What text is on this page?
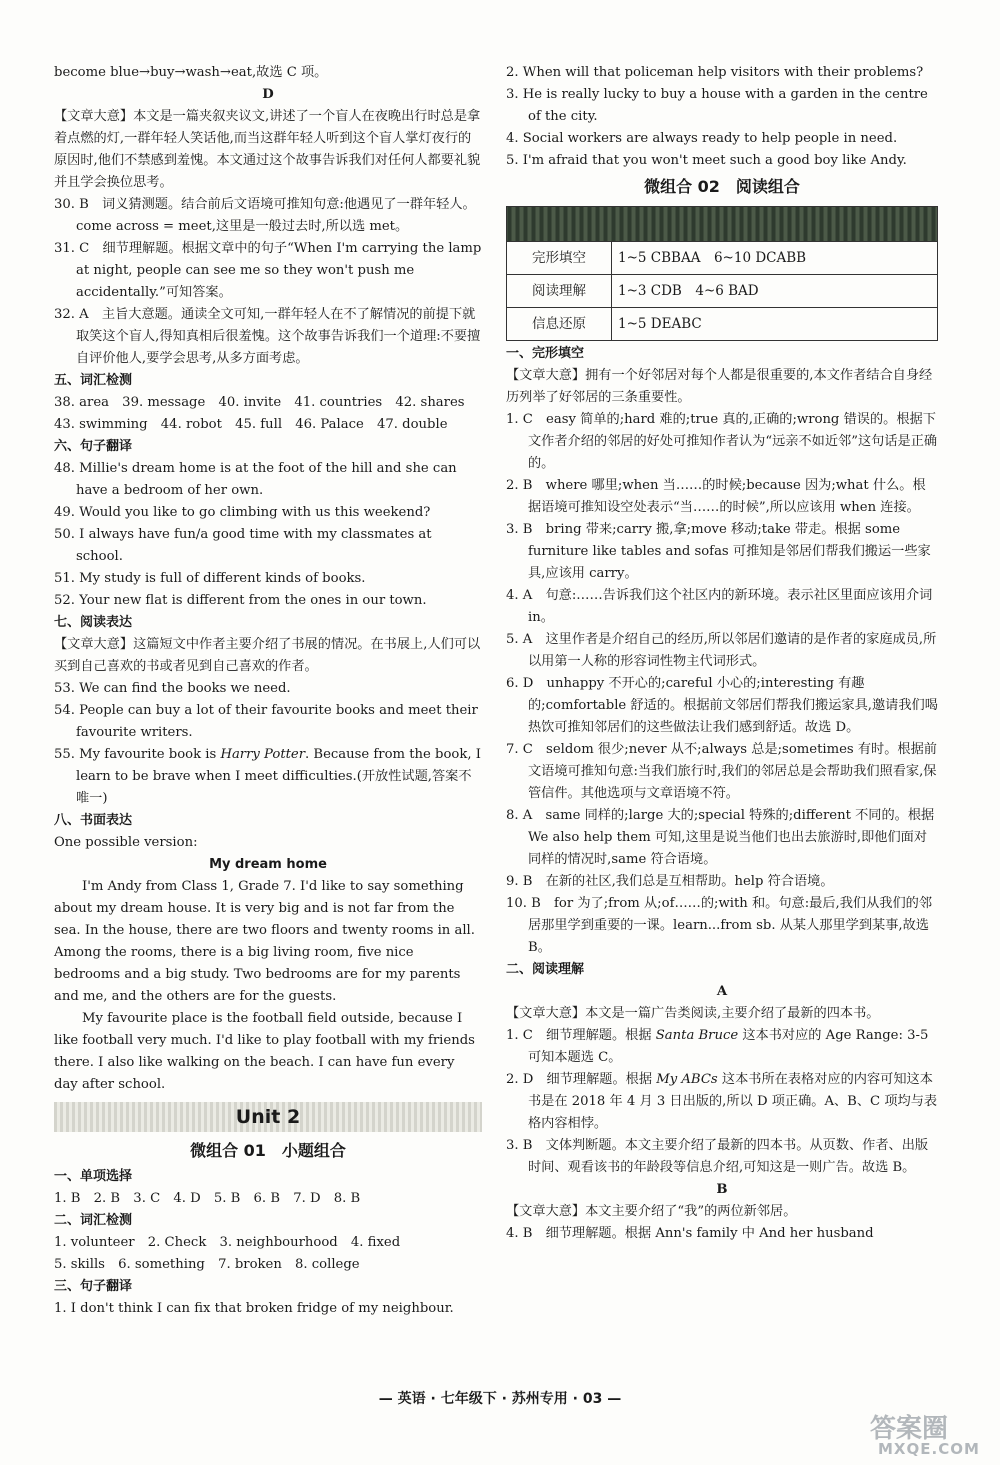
become blue→buy→wash→eat,故选 C 项。
D
【文章大意】本文是一篇夹叙夹议文,讲述了一个盲人在夜晚出行时总是拿着点燃的灯,一群年轻人笑话他,而当这群年轻人听到这个盲人掌灯夜行的原因时,他们不禁感到羞愧。本文通过这个故事告诉我们对任何人都要礼貌并且学会换位思考。
30. B　词义猜测题。结合前后文语境可推知句意:他遇见了一群年轻人。come across = meet,这里是一般过去时,所以选 met。
31. C　细节理解题。根据文章中的句子“When I'm carrying the lamp at night, people can see me so they won't push me accidentally.”可知答案。
32. A　主旨大意题。通读全文可知,一群年轻人在不了解情况的前提下就取笑这个盲人,得知真相后很羞愧。这个故事告诉我们一个道理:不要擅自评价他人,要学会思考,从多方面考虑。
五、词汇检测
38. area　39. message　40. invite　41. countries　42. shares
43. swimming　44. robot　45. full　46. Palace　47. double
六、句子翻译
48. Millie's dream home is at the foot of the hill and she can have a bedroom of her own.
49. Would you like to go climbing with us this weekend?
50. I always have fun/a good time with my classmates at school.
51. My study is full of different kinds of books.
52. Your new flat is different from the ones in our town.
七、阅读表达
【文章大意】这篇短文中作者主要介绍了书展的情况。在书展上,人们可以买到自己喜欢的书或者见到自己喜欢的作者。
53. We can find the books we need.
54. People can buy a lot of their favourite books and meet their favourite writers.
55. My favourite book is Harry Potter. Because from the book, I learn to be brave when I meet difficulties.(开放性试题,答案不唯一)
八、书面表达
One possible version:
My dream home
I'm Andy from Class 1, Grade 7. I'd like to say something about my dream house. It is very big and is not far from the sea. In the house, there are two floors and twenty rooms in all. Among the rooms, there is a big living room, five nice bedrooms and a big study. Two bedrooms are for my parents and me, and the others are for the guests.
My favourite place is the football field outside, because I like football very much. I'd like to play football with my friends there. I also like walking on the beach. I can have fun every day after school.
Unit 2
微组合 01　小题组合
一、单项选择
1. B　2. B　3. C　4. D　5. B　6. B　7. D　8. B
二、词汇检测
1. volunteer　2. Check　3. neighbourhood　4. fixed
5. skills　6. something　7. broken　8. college
三、句子翻译
1. I don't think I can fix that broken fridge of my neighbour.
2. When will that policeman help visitors with their problems?
3. He is really lucky to buy a house with a garden in the centre of the city.
4. Social workers are always ready to help people in need.
5. I'm afraid that you won't meet such a good boy like Andy.
微组合 02　阅读组合

完形填空	1~5 CBBAA　6~10 DCABB
阅读理解	1~3 CDB　4~6 BAD
信息还原	1~5 DEABC
一、完形填空
【文章大意】拥有一个好邻居对每个人都是很重要的,本文作者结合自身经历列举了好邻居的三条重要性。
1. C　easy 简单的;hard 难的;true 真的,正确的;wrong 错误的。根据下文作者介绍的邻居的好处可推知作者认为“远亲不如近邻”这句话是正确的。
2. B　where 哪里;when 当……的时候;because 因为;what 什么。根据语境可推知设空处表示“当……的时候”,所以应该用 when 连接。
3. B　bring 带来;carry 搬,拿;move 移动;take 带走。根据 some furniture like tables and sofas 可推知是邻居们帮我们搬运一些家具,应该用 carry。
4. A　句意:……告诉我们这个社区内的新环境。表示社区里面应该用介词 in。
5. A　这里作者是介绍自己的经历,所以邻居们邀请的是作者的家庭成员,所以用第一人称的形容词性物主代词形式。
6. D　unhappy 不开心的;careful 小心的;interesting 有趣的;comfortable 舒适的。根据前文邻居们帮我们搬运家具,邀请我们喝热饮可推知邻居们的这些做法让我们感到舒适。故选 D。
7. C　seldom 很少;never 从不;always 总是;sometimes 有时。根据前文语境可推知句意:当我们旅行时,我们的邻居总是会帮助我们照看家,保管信件。其他选项与文章语境不符。
8. A　same 同样的;large 大的;special 特殊的;different 不同的。根据 We also help them 可知,这里是说当他们也出去旅游时,即他们面对同样的情况时,same 符合语境。
9. B　在新的社区,我们总是互相帮助。help 符合语境。
10. B　for 为了;from 从;of……的;with 和。句意:最后,我们从我们的邻居那里学到重要的一课。learn...from sb. 从某人那里学到某事,故选 B。
二、阅读理解
A
【文章大意】本文是一篇广告类阅读,主要介绍了最新的四本书。
1. C　细节理解题。根据 Santa Bruce 这本书对应的 Age Range: 3-5 可知本题选 C。
2. D　细节理解题。根据 My ABCs 这本书所在表格对应的内容可知这本书是在 2018 年 4 月 3 日出版的,所以 D 项正确。A、B、C 项均与表格内容相悖。
3. B　文体判断题。本文主要介绍了最新的四本书。从页数、作者、出版时间、观看该书的年龄段等信息介绍,可知这是一则广告。故选 B。
B
【文章大意】本文主要介绍了“我”的两位新邻居。
4. B　细节理解题。根据 Ann's family 中 And her husband
— 英语 · 七年级下 · 苏州专用 · 03 —
答案圈
MXQE.COM
